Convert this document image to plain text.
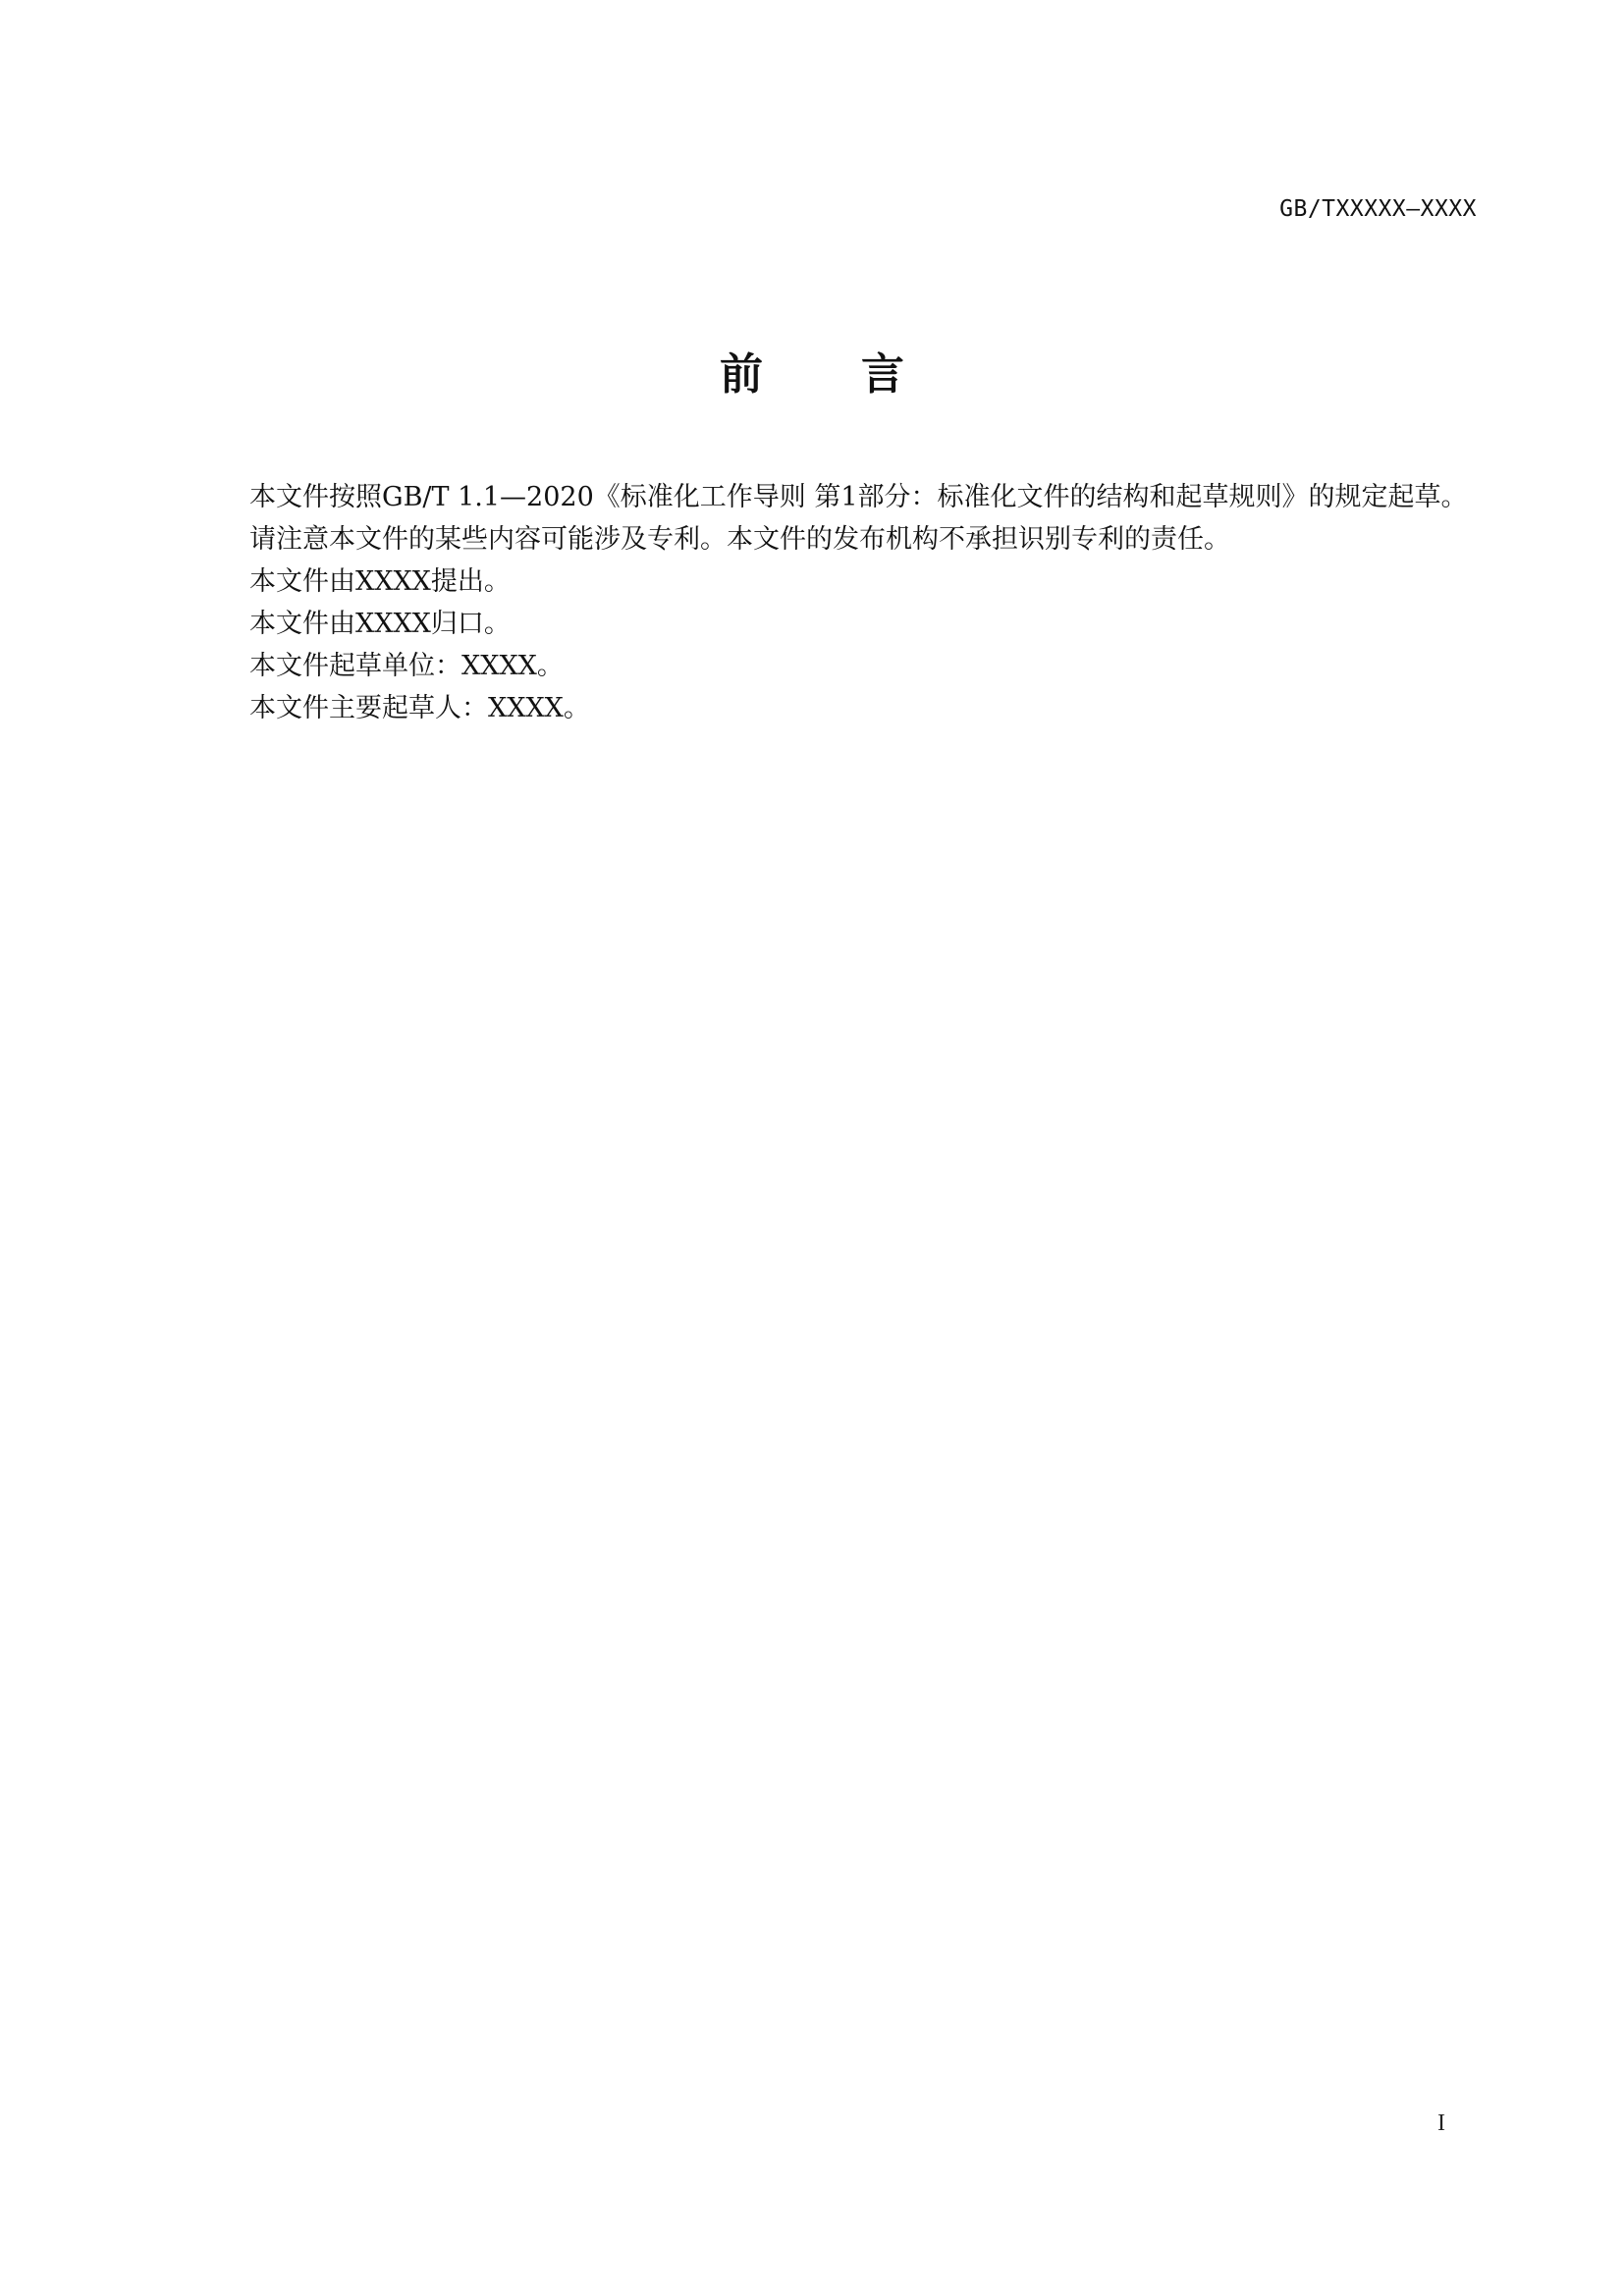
GB/TXXXXX—XXXX
前言

本文件按照GB/T 1.1—2020《标准化工作导则 第1部分：标准化文件的结构和起草规则》的规定起草。

请注意本文件的某些内容可能涉及专利。本文件的发布机构不承担识别专利的责任。

本文件由XXXX提出。

本文件由XXXX归口。

本文件起草单位：XXXX。

本文件主要起草人：XXXX。

I
